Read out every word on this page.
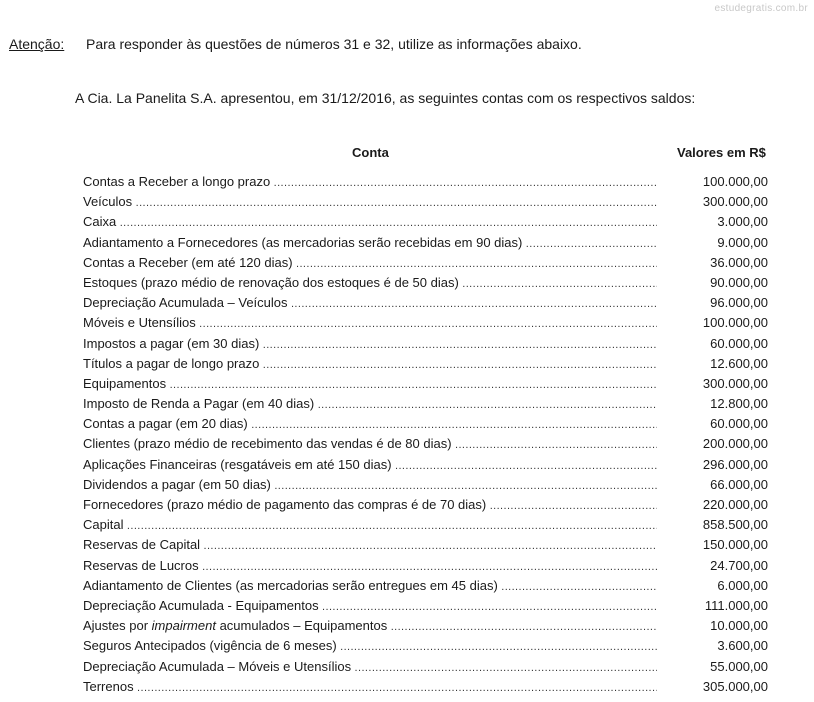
estudegratis.com.br
Atenção: Para responder às questões de números 31 e 32, utilize as informações abaixo.
A Cia. La Panelita S.A. apresentou, em 31/12/2016, as seguintes contas com os respectivos saldos:
Conta	Valores em R$
Contas a Receber a longo prazo .....	100.000,00
Veículos .....	300.000,00
Caixa .....	3.000,00
Adiantamento a Fornecedores (as mercadorias serão recebidas em 90 dias) .....	9.000,00
Contas a Receber (em até 120 dias) .....	36.000,00
Estoques (prazo médio de renovação dos estoques é de 50 dias) .....	90.000,00
Depreciação Acumulada – Veículos .....	96.000,00
Móveis e Utensílios .....	100.000,00
Impostos a pagar (em 30 dias) .....	60.000,00
Títulos a pagar de longo prazo .....	12.600,00
Equipamentos .....	300.000,00
Imposto de Renda a Pagar (em 40 dias) .....	12.800,00
Contas a pagar (em 20 dias) .....	60.000,00
Clientes (prazo médio de recebimento das vendas é de 80 dias) .....	200.000,00
Aplicações Financeiras (resgatáveis em até 150 dias) .....	296.000,00
Dividendos a pagar (em 50 dias) .....	66.000,00
Fornecedores (prazo médio de pagamento das compras é de 70 dias) .....	220.000,00
Capital .....	858.500,00
Reservas de Capital .....	150.000,00
Reservas de Lucros .....	24.700,00
Adiantamento de Clientes (as mercadorias serão entregues em 45 dias) .....	6.000,00
Depreciação Acumulada - Equipamentos .....	111.000,00
Ajustes por impairment acumulados – Equipamentos .....	10.000,00
Seguros Antecipados (vigência de 6 meses) .....	3.600,00
Depreciação Acumulada – Móveis e Utensílios .....	55.000,00
Terrenos .....	305.000,00
